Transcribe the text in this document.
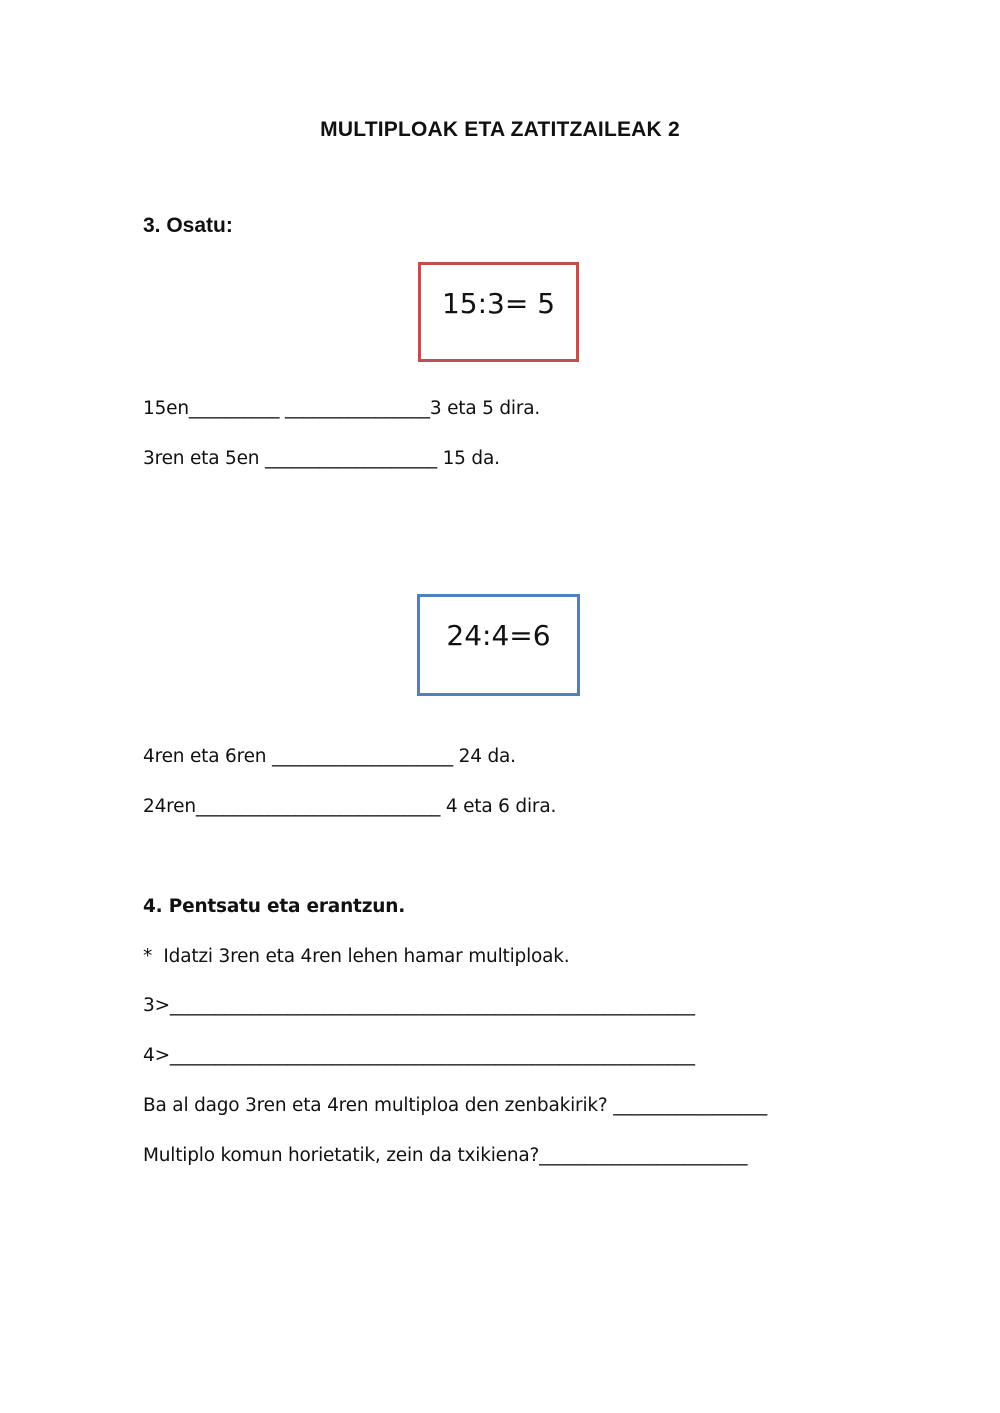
MULTIPLOAK ETA ZATITZAILEAK 2
3. Osatu:
15:3= 5
15en__________ ________________3 eta 5 dira.
3ren eta 5en ___________________ 15 da.
24:4=6
4ren eta 6ren ____________________ 24 da.
24ren___________________________ 4 eta 6 dira.
4. Pentsatu eta erantzun.
*  Idatzi 3ren eta 4ren lehen hamar multiploak.
3>__________________________________________________________
4>__________________________________________________________
Ba al dago 3ren eta 4ren multiploa den zenbakirik? _________________
Multiplo komun horietatik, zein da txikiena?_______________________
